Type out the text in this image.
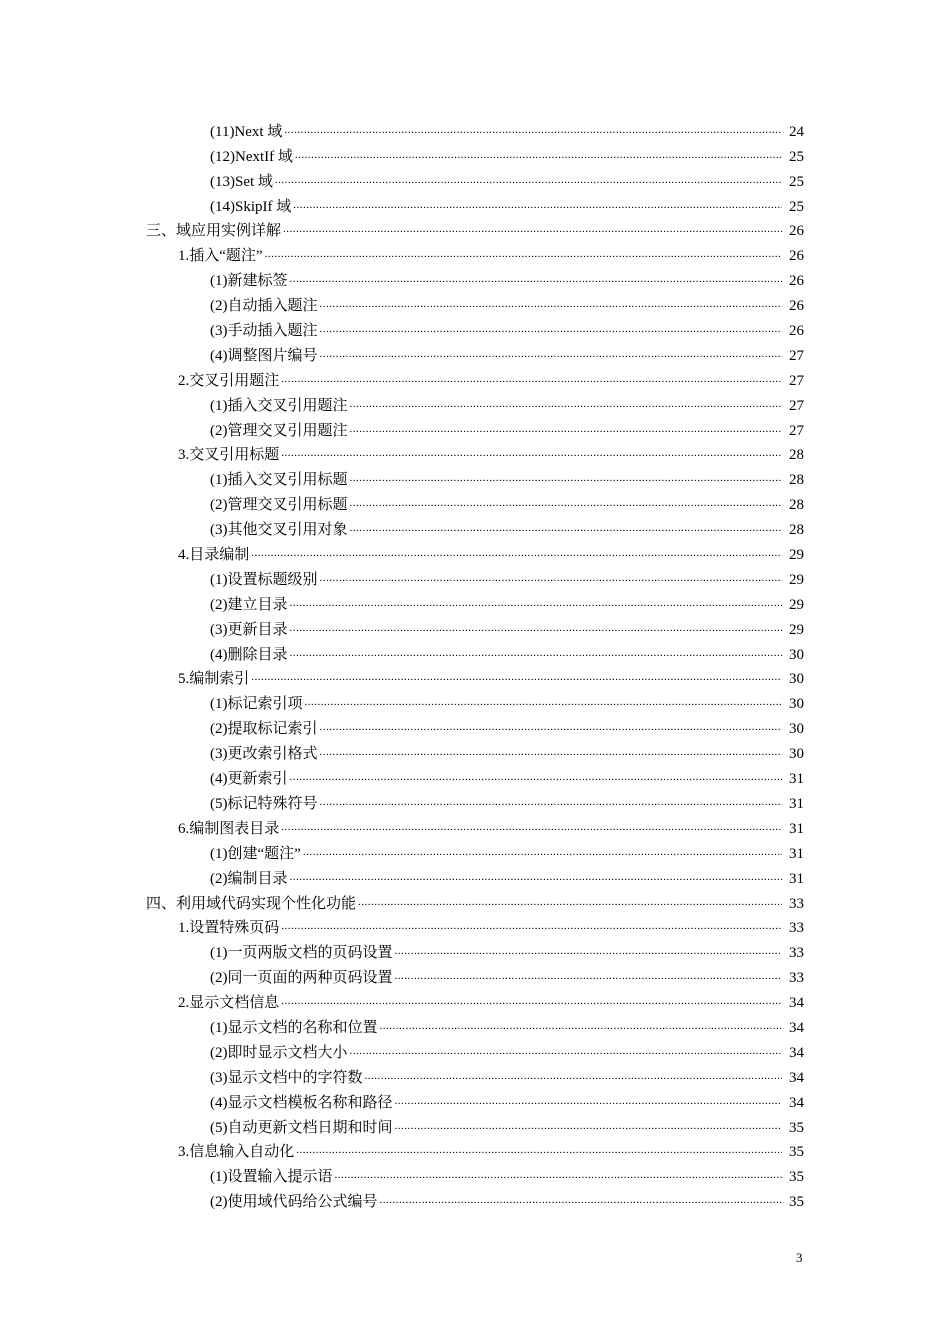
(11)Next 域 .....	24
(12)NextIf 域 .....	25
(13)Set 域 .....	25
(14)SkipIf 域 .....	25
三、域应用实例详解 .....	26
1.插入“题注” .....	26
(1)新建标签 .....	26
(2)自动插入题注 .....	26
(3)手动插入题注 .....	26
(4)调整图片编号 .....	27
2.交叉引用题注 .....	27
(1)插入交叉引用题注 .....	27
(2)管理交叉引用题注 .....	27
3.交叉引用标题 .....	28
(1)插入交叉引用标题 .....	28
(2)管理交叉引用标题 .....	28
(3)其他交叉引用对象 .....	28
4.目录编制 .....	29
(1)设置标题级别 .....	29
(2)建立目录 .....	29
(3)更新目录 .....	29
(4)删除目录 .....	30
5.编制索引 .....	30
(1)标记索引项 .....	30
(2)提取标记索引 .....	30
(3)更改索引格式 .....	30
(4)更新索引 .....	31
(5)标记特殊符号 .....	31
6.编制图表目录 .....	31
(1)创建“题注” .....	31
(2)编制目录 .....	31
四、利用域代码实现个性化功能 .....	33
1.设置特殊页码 .....	33
(1)一页两版文档的页码设置 .....	33
(2)同一页面的两种页码设置 .....	33
2.显示文档信息 .....	34
(1)显示文档的名称和位置 .....	34
(2)即时显示文档大小 .....	34
(3)显示文档中的字符数 .....	34
(4)显示文档模板名称和路径 .....	34
(5)自动更新文档日期和时间 .....	35
3.信息输入自动化 .....	35
(1)设置输入提示语 .....	35
(2)使用域代码给公式编号 .....	35
3
